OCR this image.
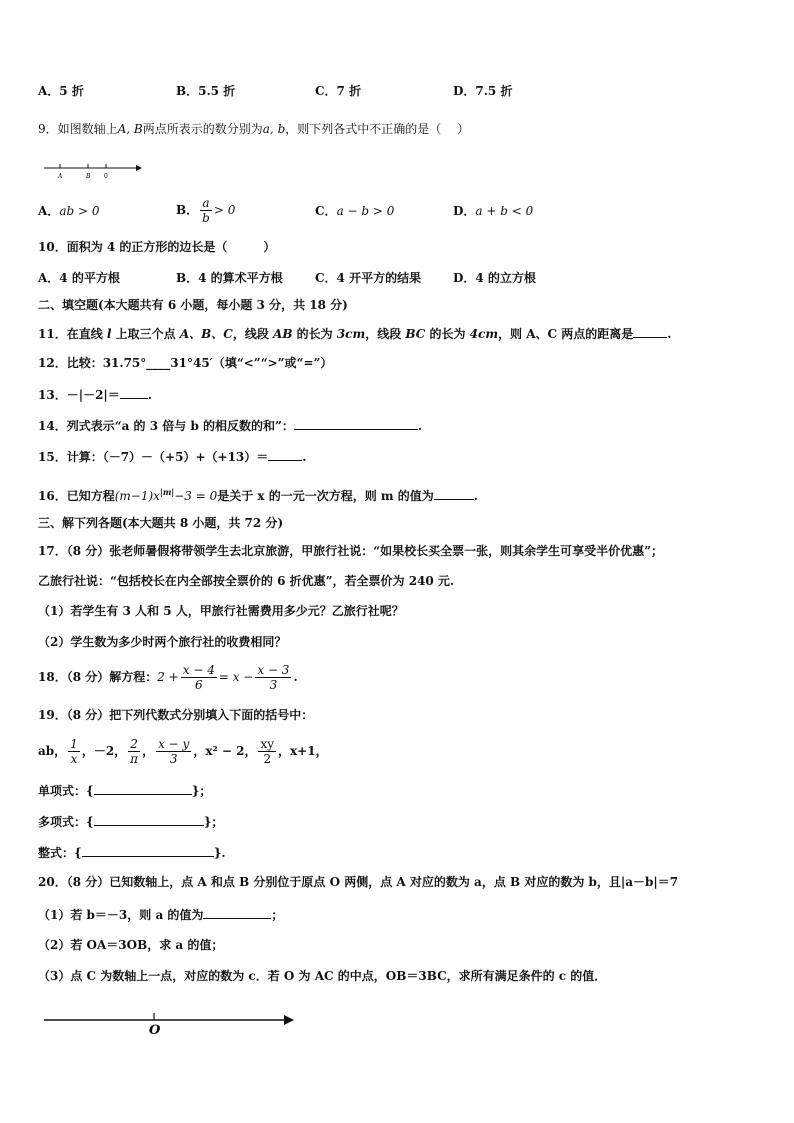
A．5 折	B．5.5 折	C．7 折	D．7.5 折
9．如图数轴上A, B两点所表示的数分别为a, b，则下列各式中不正确的是（　 ）
A	B 0
A．ab > 0	B． $\frac{a}{b} > 0$	C．a − b > 0	D．a + b < 0
10．面积为 4 的正方形的边长是（　　　）
A．4 的平方根	B．4 的算术平方根	C．4 开平方的结果	D．4 的立方根
二、填空题(本大题共有 6 小题，每小题 3 分，共 18 分)
11．在直线 l 上取三个点 A、B、C，线段 AB 的长为 3cm，线段 BC 的长为 4cm，则 A、C 两点的距离是	.
12．比较：31.75°____31°45′（填“<”“>”或“=”）
13．－|－2|＝ .
14．列式表示“a 的 3 倍与 b 的相反数的和”：	.
15．计算：（－7）－（+5）+（+13）＝	.
16．已知方程$(m-1)x^{|m|}-3 = 0$是关于 x 的一元一次方程，则 m 的值为	.
三、解下列各题(本大题共 8 小题，共 72 分)
17．（8 分）张老师暑假将带领学生去北京旅游，甲旅行社说：“如果校长买全票一张，则其余学生可享受半价优惠”；
乙旅行社说：“包括校长在内全部按全票价的 6 折优惠”，若全票价为 240 元.
（1）若学生有 3 人和 5 人，甲旅行社需费用多少元？乙旅行社呢？
（2）学生数为多少时两个旅行社的收费相同？
18．（8 分）解方程：$2 + \frac{x - 4}{6} = x - \frac{x - 3}{3}$ .
19．（8 分）把下列代数式分别填入下面的括号中：
ab， $\frac{1}{x}$ ，－2， $\frac{2}{\pi}$ ， $\frac{x - y}{3}$ ，x² − 2， $\frac{xy}{2}$ ，x+1，
单项式：{	}；
多项式：{	}；
整式：{	}.
20．（8 分）已知数轴上，点 A 和点 B 分别位于原点 O 两侧，点 A 对应的数为 a，点 B 对应的数为 b，且|a－b|＝7
（1）若 b＝－3，则 a 的值为	；
（2）若 OA＝3OB，求 a 的值；
（3）点 C 为数轴上一点，对应的数为 c．若 O 为 AC 的中点，OB＝3BC，求所有满足条件的 c 的值．
O
